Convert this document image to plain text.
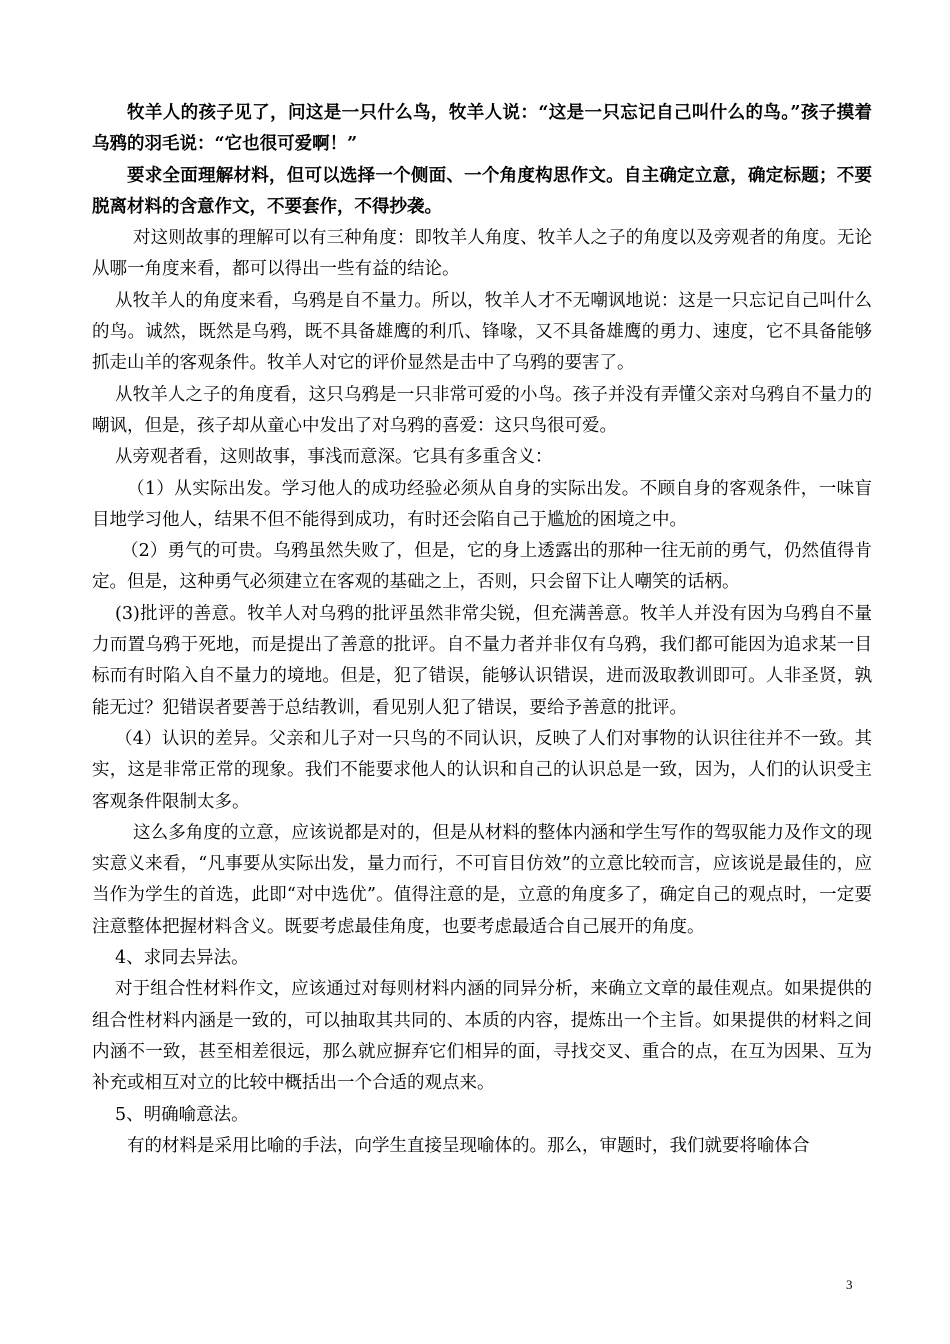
牧羊人的孩子见了，问这是一只什么鸟，牧羊人说：“这是一只忘记自己叫什么的鸟。”孩子摸着乌鸦的羽毛说：“它也很可爱啊！”

要求全面理解材料，但可以选择一个侧面、一个角度构思作文。自主确定立意，确定标题；不要脱离材料的含意作文，不要套作，不得抄袭。

对这则故事的理解可以有三种角度：即牧羊人角度、牧羊人之子的角度以及旁观者的角度。无论从哪一角度来看，都可以得出一些有益的结论。

从牧羊人的角度来看，乌鸦是自不量力。所以，牧羊人才不无嘲讽地说：这是一只忘记自己叫什么的鸟。诚然，既然是乌鸦，既不具备雄鹰的利爪、锋喙，又不具备雄鹰的勇力、速度，它不具备能够抓走山羊的客观条件。牧羊人对它的评价显然是击中了乌鸦的要害了。

从牧羊人之子的角度看，这只乌鸦是一只非常可爱的小鸟。孩子并没有弄懂父亲对乌鸦自不量力的嘲讽，但是，孩子却从童心中发出了对乌鸦的喜爱：这只鸟很可爱。

从旁观者看，这则故事，事浅而意深。它具有多重含义：

（1）从实际出发。学习他人的成功经验必须从自身的实际出发。不顾自身的客观条件，一味盲目地学习他人，结果不但不能得到成功，有时还会陷自己于尴尬的困境之中。

（2）勇气的可贵。乌鸦虽然失败了，但是，它的身上透露出的那种一往无前的勇气，仍然值得肯定。但是，这种勇气必须建立在客观的基础之上，否则，只会留下让人嘲笑的话柄。

(3)批评的善意。牧羊人对乌鸦的批评虽然非常尖锐，但充满善意。牧羊人并没有因为乌鸦自不量力而置乌鸦于死地，而是提出了善意的批评。自不量力者并非仅有乌鸦，我们都可能因为追求某一目标而有时陷入自不量力的境地。但是，犯了错误，能够认识错误，进而汲取教训即可。人非圣贤，孰能无过？犯错误者要善于总结教训，看见别人犯了错误，要给予善意的批评。

（4）认识的差异。父亲和儿子对一只鸟的不同认识，反映了人们对事物的认识往往并不一致。其实，这是非常正常的现象。我们不能要求他人的认识和自己的认识总是一致，因为，人们的认识受主客观条件限制太多。

这么多角度的立意，应该说都是对的，但是从材料的整体内涵和学生写作的驾驭能力及作文的现实意义来看，“凡事要从实际出发，量力而行，不可盲目仿效”的立意比较而言，应该说是最佳的，应当作为学生的首选，此即“对中选优”。值得注意的是，立意的角度多了，确定自己的观点时，一定要注意整体把握材料含义。既要考虑最佳角度，也要考虑最适合自己展开的角度。

4、求同去异法。

对于组合性材料作文，应该通过对每则材料内涵的同异分析，来确立文章的最佳观点。如果提供的组合性材料内涵是一致的，可以抽取其共同的、本质的内容，提炼出一个主旨。如果提供的材料之间内涵不一致，甚至相差很远，那么就应摒弃它们相异的面，寻找交叉、重合的点，在互为因果、互为补充或相互对立的比较中概括出一个合适的观点来。

5、明确喻意法。

有的材料是采用比喻的手法，向学生直接呈现喻体的。那么，审题时，我们就要将喻体合

3
